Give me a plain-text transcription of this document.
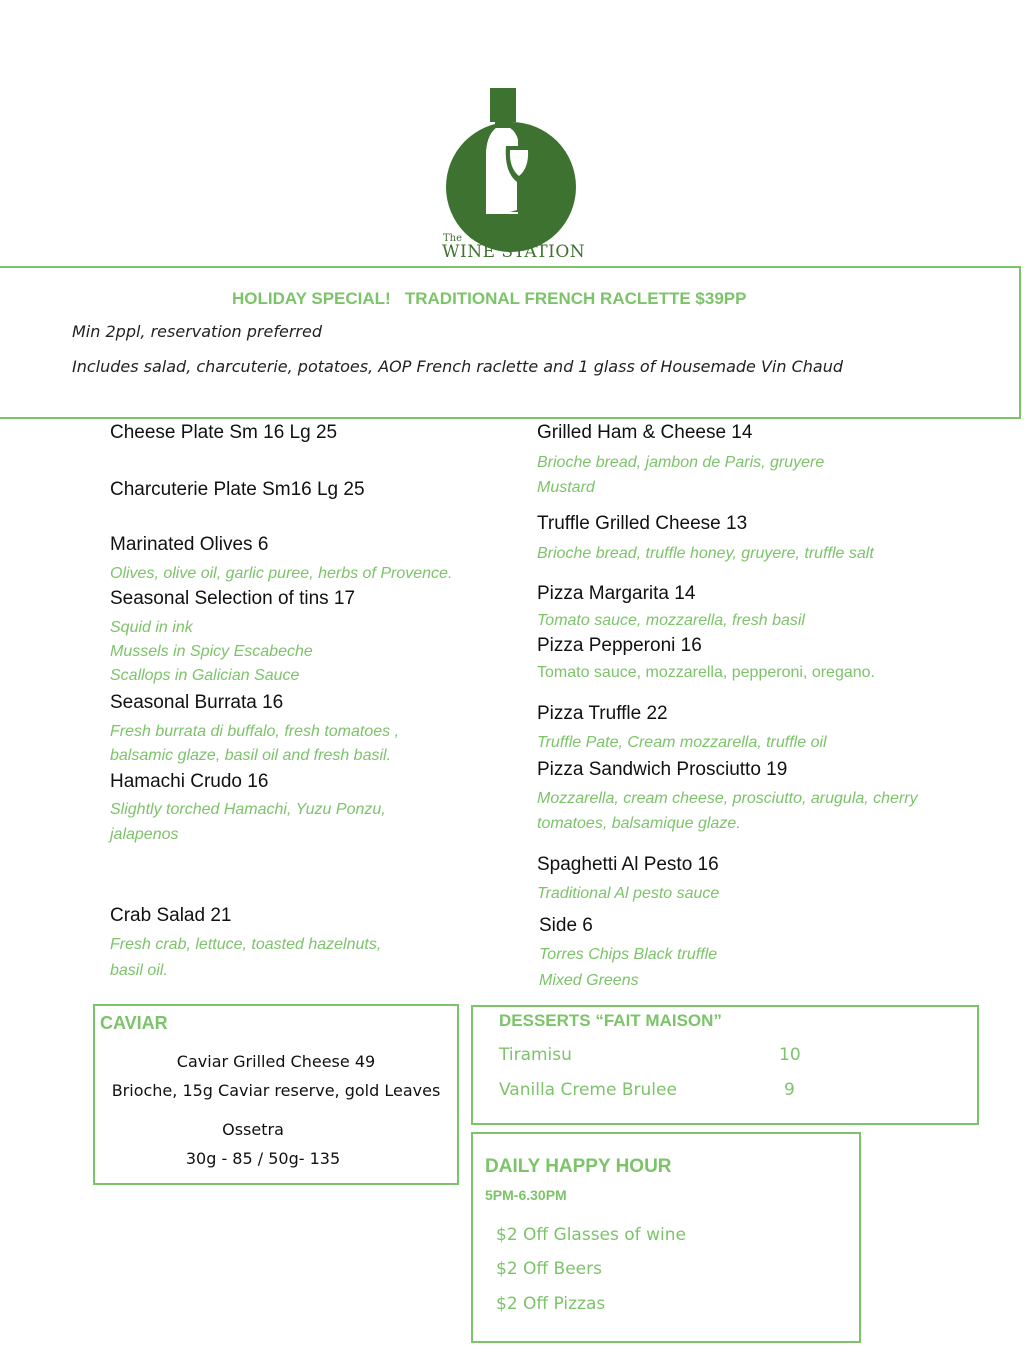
The
WINE STATION
HOLIDAY SPECIAL!   TRADITIONAL FRENCH RACLETTE $39PP
Min 2ppl, reservation preferred
Includes salad, charcuterie, potatoes, AOP French raclette and 1 glass of Housemade Vin Chaud
Cheese Plate Sm 16 Lg 25
Charcuterie Plate Sm16 Lg 25
Marinated Olives 6
Olives, olive oil, garlic puree, herbs of Provence.
Seasonal Selection of tins 17
Squid in ink
Mussels in Spicy Escabeche
Scallops in Galician Sauce
Seasonal Burrata 16
Fresh burrata di buffalo, fresh tomatoes ,
balsamic glaze, basil oil and fresh basil.
Hamachi Crudo 16
Slightly torched Hamachi, Yuzu Ponzu,
jalapenos
Crab Salad 21
Fresh crab, lettuce, toasted hazelnuts,
basil oil.
Grilled Ham & Cheese 14
Brioche bread, jambon de Paris, gruyere
Mustard
Truffle Grilled Cheese 13
Brioche bread, truffle honey, gruyere, truffle salt
Pizza Margarita 14
Tomato sauce, mozzarella, fresh basil
Pizza Pepperoni 16
Tomato sauce, mozzarella, pepperoni, oregano.
Pizza Truffle 22
Truffle Pate, Cream mozzarella, truffle oil
Pizza Sandwich Prosciutto 19
Mozzarella, cream cheese, prosciutto, arugula, cherry
tomatoes, balsamique glaze.
Spaghetti Al Pesto 16
Traditional Al pesto sauce
Side 6
Torres Chips Black truffle
Mixed Greens
CAVIAR
Caviar Grilled Cheese 49
Brioche, 15g Caviar reserve, gold Leaves
Ossetra
30g - 85 / 50g- 135
DESSERTS “FAIT MAISON”
Tiramisu	10
Vanilla Creme Brulee	9
DAILY HAPPY HOUR
5PM-6.30PM
$2 Off Glasses of wine
$2 Off Beers
$2 Off Pizzas
